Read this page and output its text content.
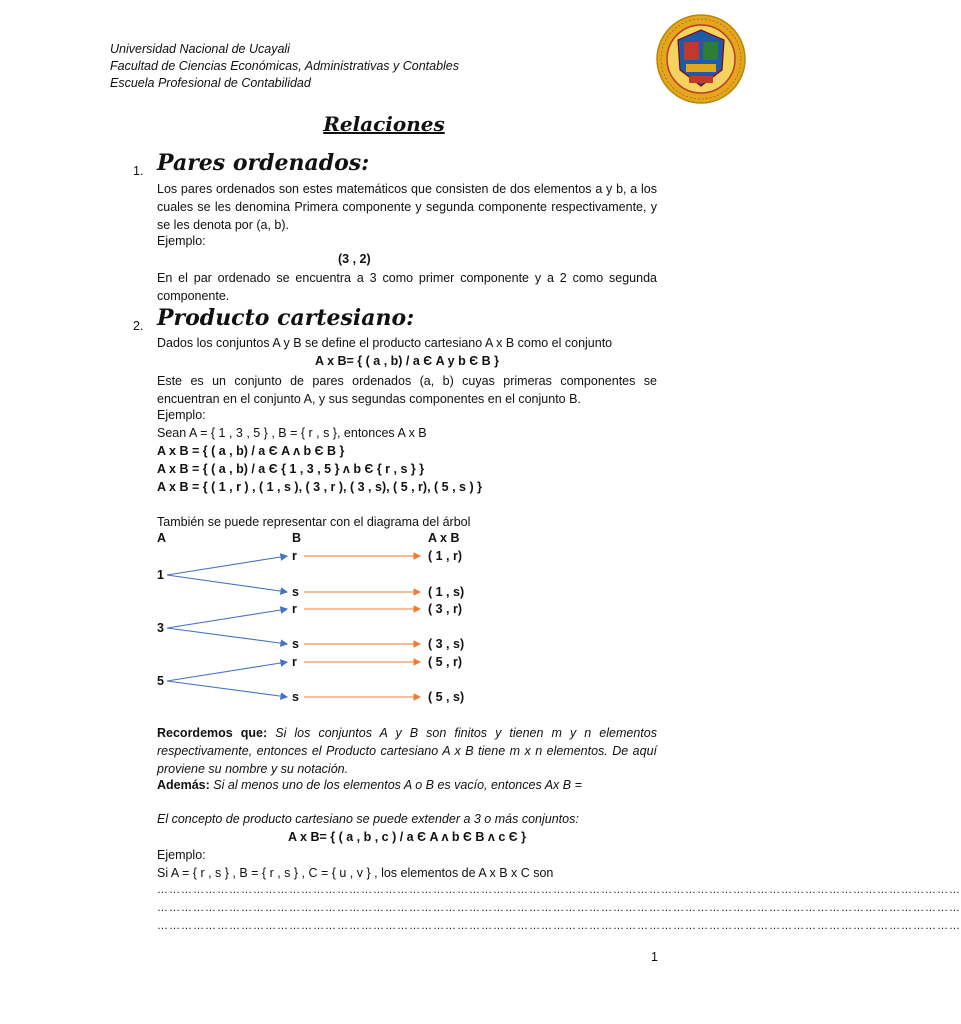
Universidad Nacional de Ucayali
Facultad de Ciencias Económicas, Administrativas y Contables
Escuela Profesional de Contabilidad
Relaciones
1. Pares ordenados:
Los pares ordenados son estes matemáticos que consisten de dos elementos a y b, a los cuales se les denomina Primera componente y segunda componente respectivamente, y se les denota por (a, b).
Ejemplo:
(3 , 2)
En el par ordenado se encuentra a 3 como primer componente y a 2 como segunda componente.
2. Producto cartesiano:
Dados los conjuntos A y B se define el producto cartesiano A x B como el conjunto
A x B= { ( a , b) / a Є A y b Є B }
Este es un conjunto de pares ordenados (a, b) cuyas primeras componentes se encuentran en el conjunto A, y sus segundas componentes en el conjunto B.
Ejemplo:
Sean A = { 1 , 3 , 5 } , B = { r , s }, entonces A x B
A x B = { ( a , b) / a Є A ʌ b Є B }
A x B = { ( a , b) / a Є { 1 , 3 , 5 } ʌ b Є { r , s } }
A x B = { ( 1 , r ) , ( 1 , s ), ( 3 , r ), ( 3 , s), ( 5 , r), ( 5 , s ) }
También se puede representar con el diagrama del árbol
A	B	A x B
1
3
5
r
s
r
s
r
s
( 1 , r)
( 1 , s)
( 3 , r)
( 3 , s)
( 5 , r)
( 5 , s)
Recordemos que: Si los conjuntos A y B son finitos y tienen m y n elementos respectivamente, entonces el Producto cartesiano A x B tiene m x n elementos. De aquí proviene su nombre y su notación.
Además: Si al menos uno de los elementos A o B es vacío, entonces Ax B =
El concepto de producto cartesiano se puede extender a 3 o más conjuntos:
A x B= { ( a , b , c ) / a Є A ʌ b Є B ʌ c Є }
Ejemplo:
Si A = { r , s } , B = { r , s } , C = { u , v } , los elementos de A x B x C son
…………………………………………………………………………………………………………………………………………………………………………………
…………………………………………………………………………………………………………………………………………………………………………………
…………………………………………………………………………………………………………………………………………………………………………………
1
